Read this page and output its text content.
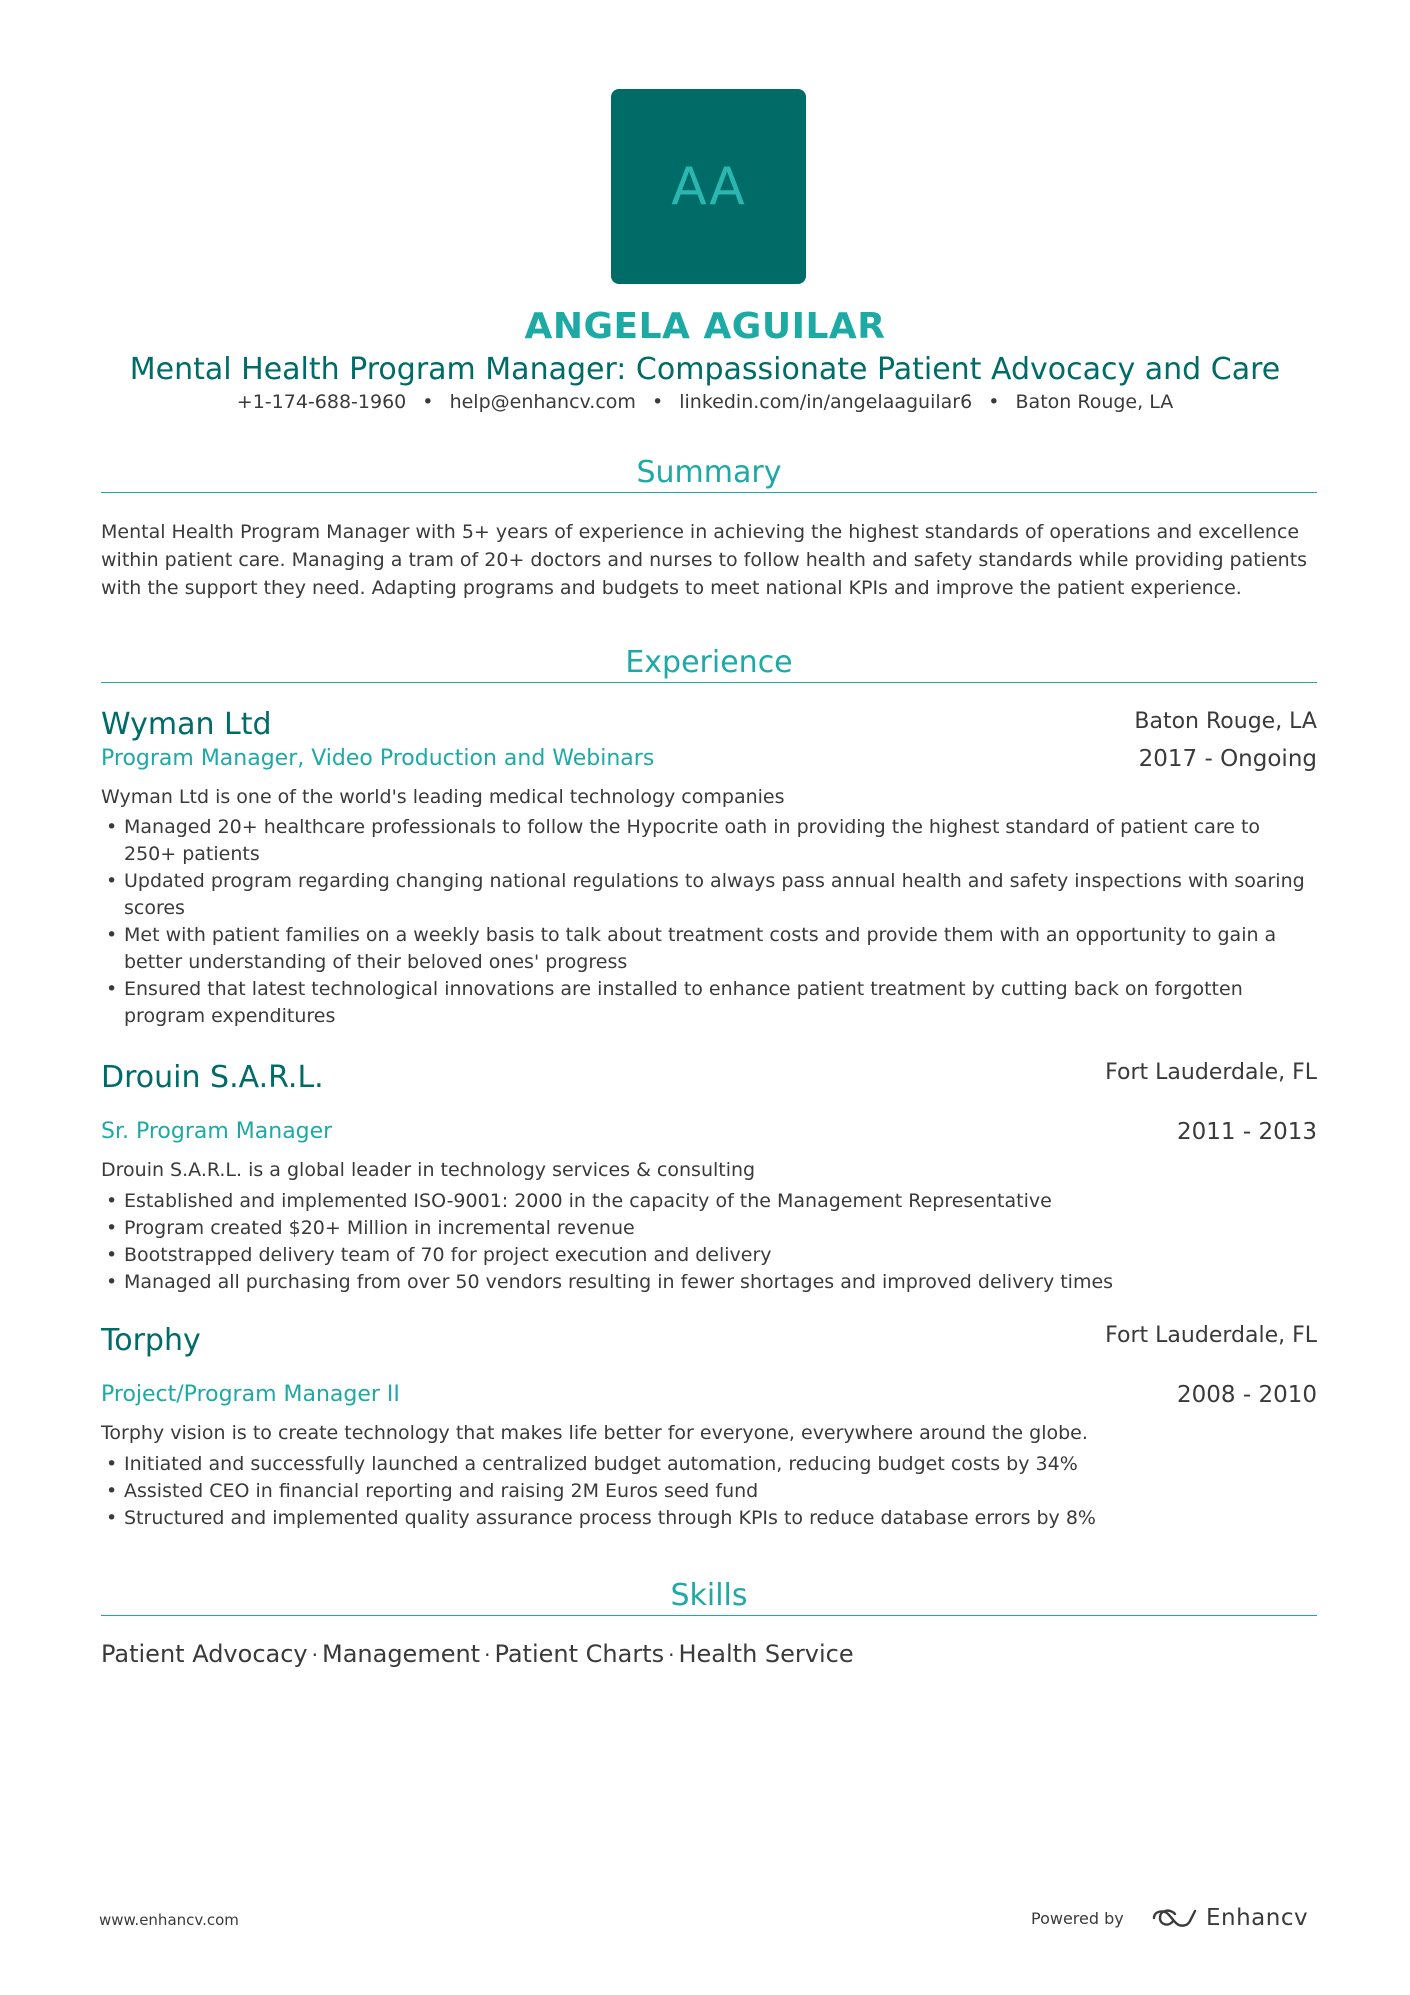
AA
ANGELA AGUILAR
Mental Health Program Manager: Compassionate Patient Advocacy and Care
+1-174-688-1960 • help@enhancv.com • linkedin.com/in/angelaaguilar6 • Baton Rouge, LA
Summary
Mental Health Program Manager with 5+ years of experience in achieving the highest standards of operations and excellence within patient care. Managing a tram of 20+ doctors and nurses to follow health and safety standards while providing patients with the support they need. Adapting programs and budgets to meet national KPIs and improve the patient experience.
Experience
Wyman Ltd	Baton Rouge, LA
Program Manager, Video Production and Webinars	2017 - Ongoing
Wyman Ltd is one of the world's leading medical technology companies
• Managed 20+ healthcare professionals to follow the Hypocrite oath in providing the highest standard of patient care to 250+ patients
• Updated program regarding changing national regulations to always pass annual health and safety inspections with soaring scores
• Met with patient families on a weekly basis to talk about treatment costs and provide them with an opportunity to gain a better understanding of their beloved ones' progress
• Ensured that latest technological innovations are installed to enhance patient treatment by cutting back on forgotten program expenditures
Drouin S.A.R.L.	Fort Lauderdale, FL
Sr. Program Manager	2011 - 2013
Drouin S.A.R.L. is a global leader in technology services & consulting
• Established and implemented ISO-9001: 2000 in the capacity of the Management Representative
• Program created $20+ Million in incremental revenue
• Bootstrapped delivery team of 70 for project execution and delivery
• Managed all purchasing from over 50 vendors resulting in fewer shortages and improved delivery times
Torphy	Fort Lauderdale, FL
Project/Program Manager II	2008 - 2010
Torphy vision is to create technology that makes life better for everyone, everywhere around the globe.
• Initiated and successfully launched a centralized budget automation, reducing budget costs by 34%
• Assisted CEO in financial reporting and raising 2M Euros seed fund
• Structured and implemented quality assurance process through KPIs to reduce database errors by 8%
Skills
Patient Advocacy · Management · Patient Charts · Health Service
www.enhancv.com	Powered by	Enhancv
